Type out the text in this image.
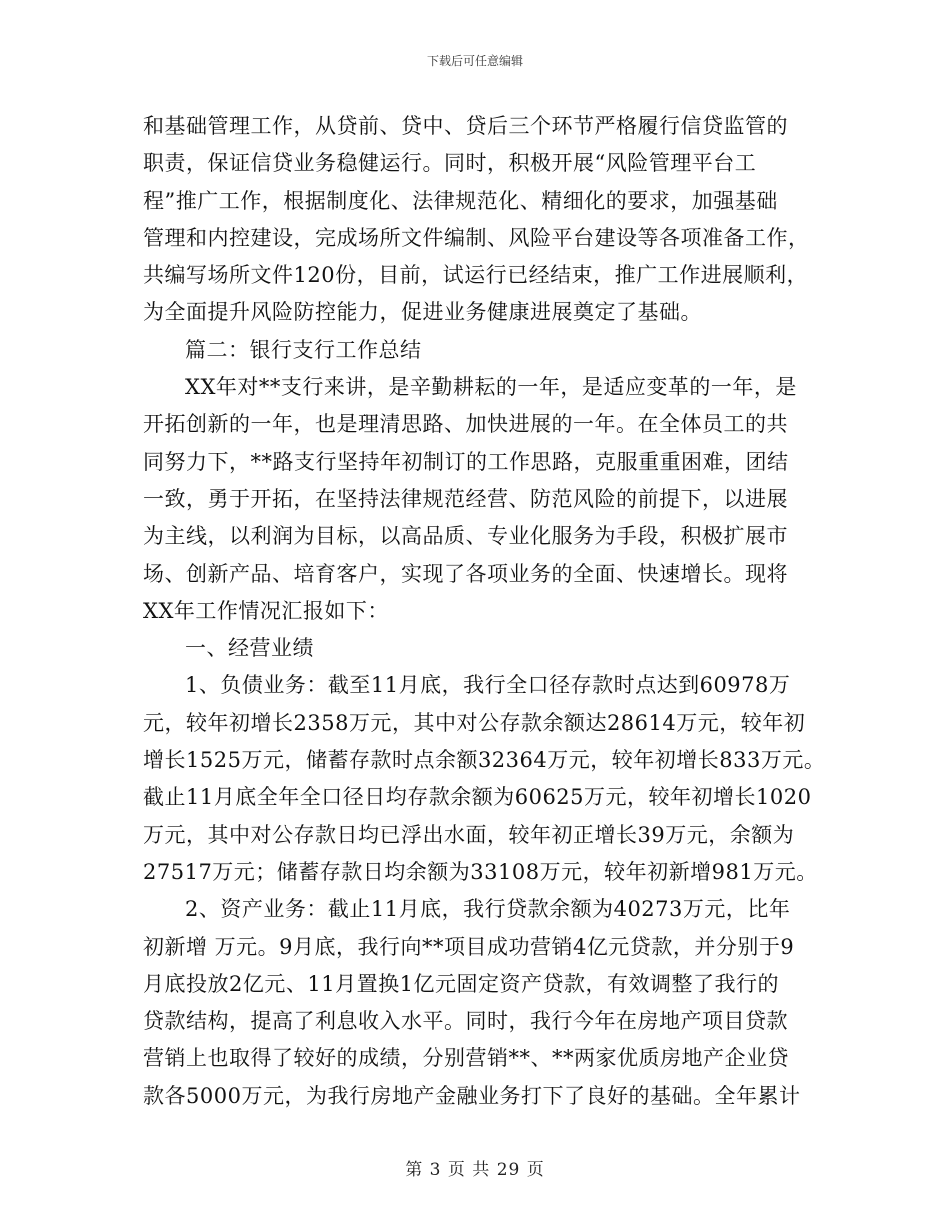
下载后可任意编辑
和基础管理工作，从贷前、贷中、贷后三个环节严格履行信贷监管的
职责，保证信贷业务稳健运行。同时，积极开展“风险管理平台工
程”推广工作，根据制度化、法律规范化、精细化的要求，加强基础
管理和内控建设，完成场所文件编制、风险平台建设等各项准备工作，
共编写场所文件120份，目前，试运行已经结束，推广工作进展顺利，
为全面提升风险防控能力，促进业务健康进展奠定了基础。
篇二：银行支行工作总结
XX年对**支行来讲，是辛勤耕耘的一年，是适应变革的一年，是
开拓创新的一年，也是理清思路、加快进展的一年。在全体员工的共
同努力下，**路支行坚持年初制订的工作思路，克服重重困难，团结
一致，勇于开拓，在坚持法律规范经营、防范风险的前提下，以进展
为主线，以利润为目标，以高品质、专业化服务为手段，积极扩展市
场、创新产品、培育客户，实现了各项业务的全面、快速增长。现将
XX年工作情况汇报如下：
一、经营业绩
1、负债业务：截至11月底，我行全口径存款时点达到60978万
元，较年初增长2358万元，其中对公存款余额达28614万元，较年初
增长1525万元，储蓄存款时点余额32364万元，较年初增长833万元。
截止11月底全年全口径日均存款余额为60625万元，较年初增长1020
万元，其中对公存款日均已浮出水面，较年初正增长39万元，余额为
27517万元；储蓄存款日均余额为33108万元，较年初新增981万元。
2、资产业务：截止11月底，我行贷款余额为40273万元，比年
初新增 万元。9月底，我行向**项目成功营销4亿元贷款，并分别于9
月底投放2亿元、11月置换1亿元固定资产贷款，有效调整了我行的
贷款结构，提高了利息收入水平。同时，我行今年在房地产项目贷款
营销上也取得了较好的成绩，分别营销**、**两家优质房地产企业贷
款各5000万元，为我行房地产金融业务打下了良好的基础。全年累计
第 3 页 共 29 页
